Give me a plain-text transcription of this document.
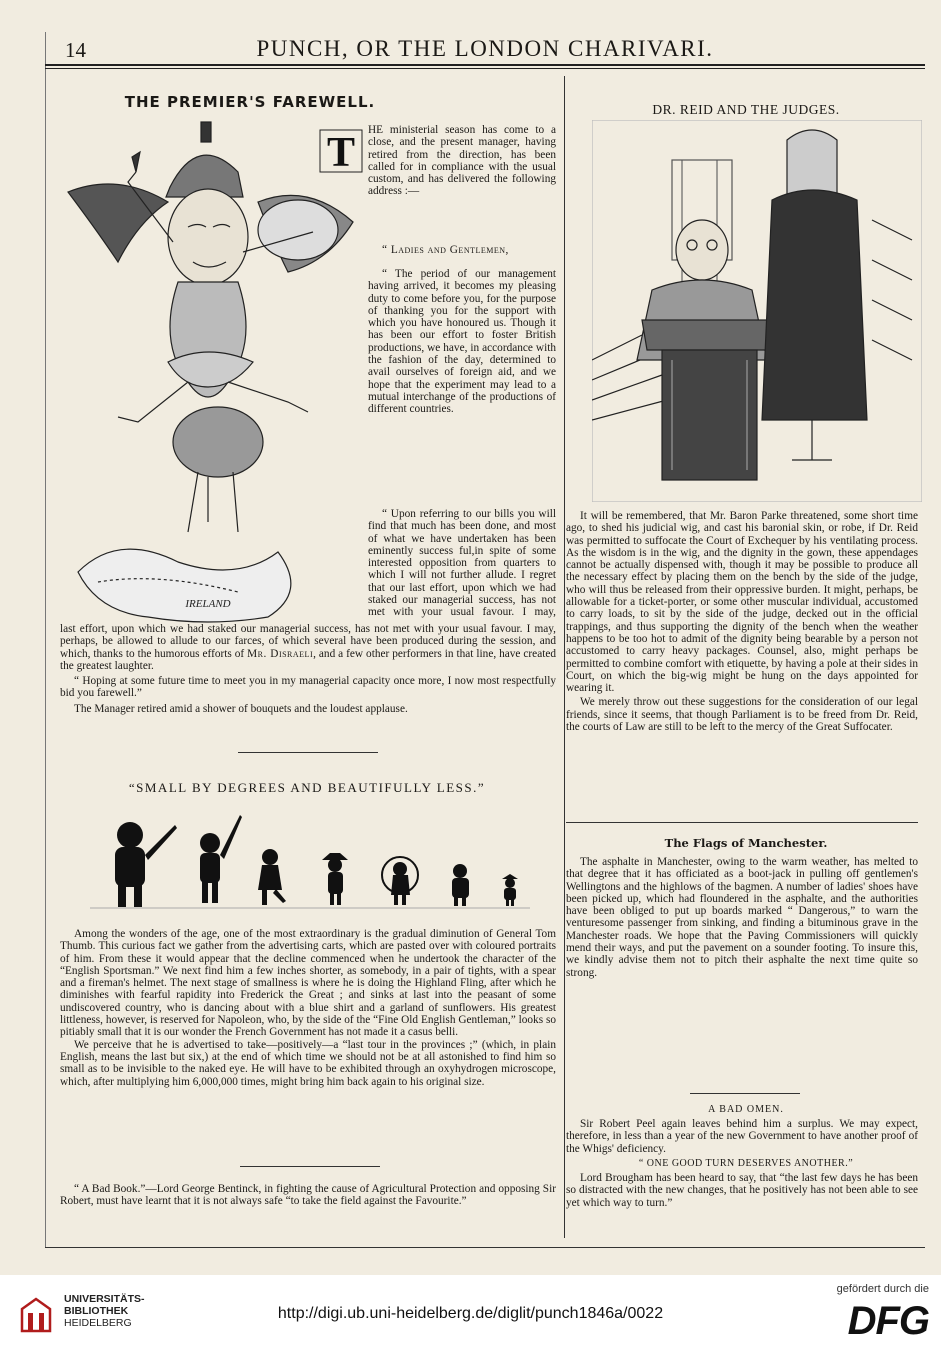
14	PUNCH, OR THE LONDON CHARIVARI.
THE PREMIER'S FAREWELL.
IRELAND
T HE ministerial season has come to a close, and the present manager, having retired from the direction, has been called for in compliance with the usual custom, and has delivered the following address :—

“ Ladies and Gentlemen,

“ The period of our management having arrived, it becomes my pleasing duty to come before you, for the purpose of thanking you for the support with which you have honoured us. Though it has been our effort to foster British productions, we have, in accordance with the fashion of the day, determined to avail ourselves of foreign aid, and we hope that the experiment may lead to a mutual interchange of the productions of different countries.

“ Upon referring to our bills you will find that much has been done, and most of what we have undertaken has been eminently success ful,in spite of some interested opposition from quarters to which I will not further allude. I regret that our last effort, upon which we had staked our managerial success, has not met with your usual favour. I may,

last effort, upon which we had staked our managerial success, has not met with your usual favour. I may, perhaps, be allowed to allude to our farces, of which several have been produced during the session, and which, thanks to the humorous efforts of Mr. Disraeli, and a few other performers in that line, have created the greatest laughter.

“ Hoping at some future time to meet you in my managerial capacity once more, I now most respectfully bid you farewell.”

The Manager retired amid a shower of bouquets and the loudest applause.

“SMALL BY DEGREES AND BEAUTIFULLY LESS.”

Among the wonders of the age, one of the most extraordinary is the gradual diminution of General Tom Thumb. This curious fact we gather from the advertising carts, which are pasted over with coloured portraits of him. From these it would appear that the decline commenced when he undertook the character of the “English Sportsman.” We next find him a few inches shorter, as somebody, in a pair of tights, with a spear and a fireman's helmet. The next stage of smallness is where he is doing the Highland Fling, after which he diminishes with fearful rapidity into Frederick the Great ; and sinks at last into the peasant of some undiscovered country, who is dancing about with a blue shirt and a garland of sunflowers. His greatest littleness, however, is reserved for Napoleon, who, by the side of the “Fine Old English Gentleman,” looks so pitiably small that it is our wonder the French Government has not made it a casus belli.

We perceive that he is advertised to take—positively—a “last tour in the provinces ;” (which, in plain English, means the last but six,) at the end of which time we should not be at all astonished to find him so small as to be invisible to the naked eye. He will have to be exhibited through an oxyhydrogen microscope, which, after multiplying him 6,000,000 times, might bring him back again to his original size.

“ A Bad Book.”—Lord George Bentinck, in fighting the cause of Agricultural Protection and opposing Sir Robert, must have learnt that it is not always safe “to take the field against the Favourite.”

DR. REID AND THE JUDGES.

It will be remembered, that Mr. Baron Parke threatened, some short time ago, to shed his judicial wig, and cast his baronial skin, or robe, if Dr. Reid was permitted to suffocate the Court of Exchequer by his ventilating process. As the wisdom is in the wig, and the dignity in the gown, these appendages cannot be actually dispensed with, though it may be possible to produce all the necessary effect by placing them on the bench by the side of the judge, who will thus be released from their oppressive burden. It might, perhaps, be allowable for a ticket-porter, or some other muscular individual, accustomed to carry loads, to sit by the side of the judge, decked out in the official trappings, and thus supporting the dignity of the bench when the weather happens to be too hot to admit of the dignity being bearable by a person not accustomed to carry heavy packages. Counsel, also, might perhaps be permitted to combine comfort with etiquette, by having a pole at their sides in Court, on which the big-wig might be hung on the days appointed for wearing it.

We merely throw out these suggestions for the consideration of our legal friends, since it seems, that though Parliament is to be freed from Dr. Reid, the courts of Law are still to be left to the mercy of the Great Suffocater.

The Flags of Manchester.

The asphalte in Manchester, owing to the warm weather, has melted to that degree that it has officiated as a boot-jack in pulling off gentlemen's Wellingtons and the highlows of the bagmen. A number of ladies' shoes have been picked up, which had floundered in the asphalte, and the authorities have been obliged to put up boards marked “ Dangerous,” to warn the venturesome passenger from sinking, and finding a bituminous grave in the Manchester roads. We hope that the Paving Commissioners will quickly mend their ways, and put the pavement on a sounder footing. To insure this, we kindly advise them not to pitch their asphalte the next time quite so strong.

A BAD OMEN.

Sir Robert Peel again leaves behind him a surplus. We may expect, therefore, in less than a year of the new Government to have another proof of the Whigs' deficiency.

“ ONE GOOD TURN DESERVES ANOTHER.”

Lord Brougham has been heard to say, that “the last few days he has been so distracted with the new changes, that he positively has not been able to see yet which way to turn.”

UNIVERSITÄTS-
BIBLIOTHEK
HEIDELBERG
http://digi.ub.uni-heidelberg.de/diglit/punch1846a/0022
gefördert durch die
DFG
